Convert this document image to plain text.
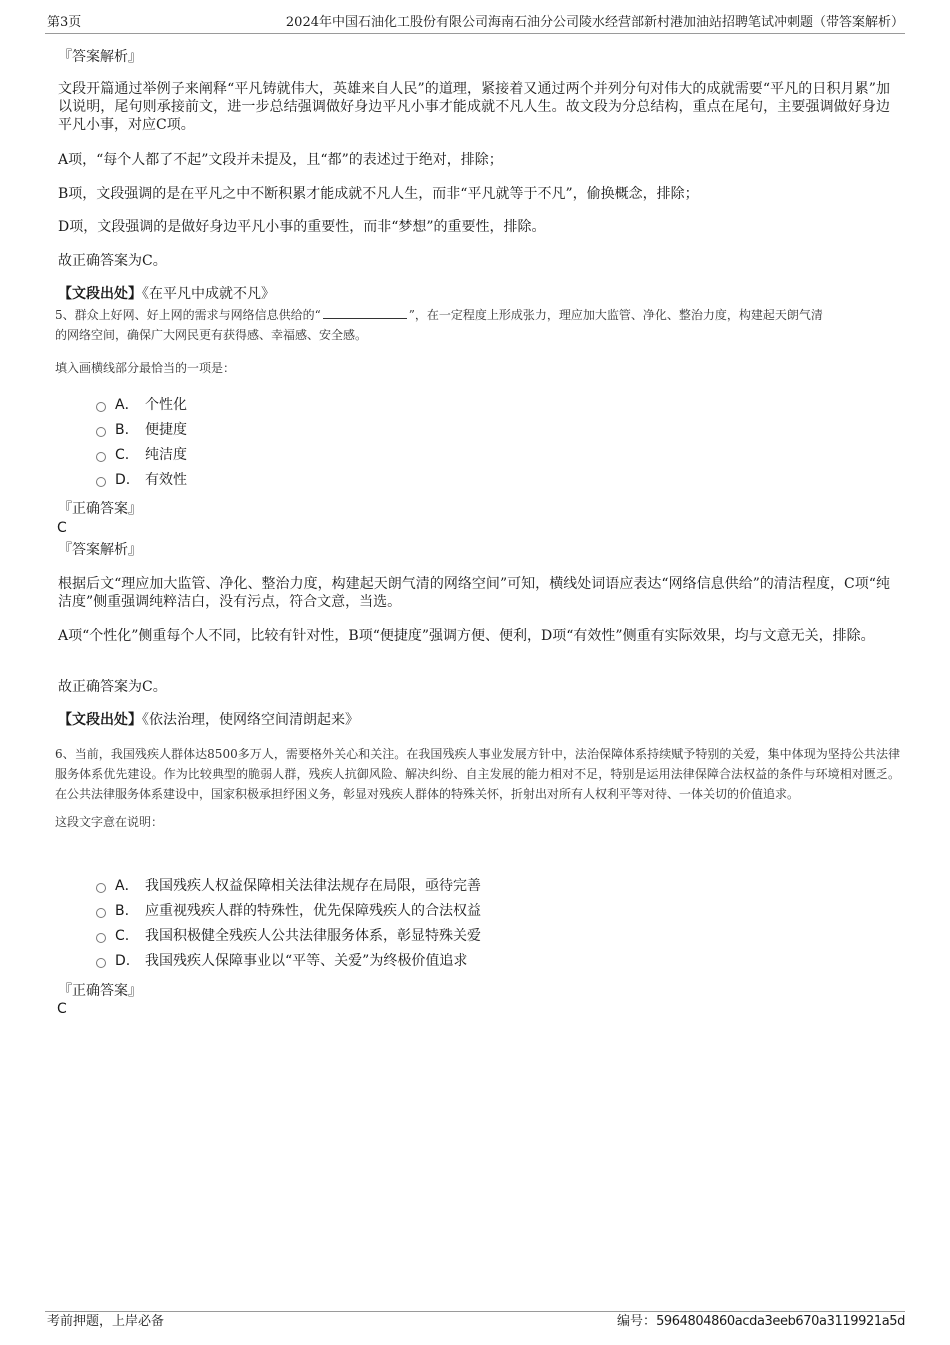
第3页	2024年中国石油化工股份有限公司海南石油分公司陵水经营部新村港加油站招聘笔试冲刺题（带答案解析）
『答案解析』

文段开篇通过举例子来阐释“平凡铸就伟大，英雄来自人民”的道理，紧接着又通过两个并列分句对伟大的成就需要“平凡的日积月累”加以说明，尾句则承接前文，进一步总结强调做好身边平凡小事才能成就不凡人生。故文段为分总结构，重点在尾句，主要强调做好身边平凡小事，对应C项。

A项，“每个人都了不起”文段并未提及，且“都”的表述过于绝对，排除；

B项，文段强调的是在平凡之中不断积累才能成就不凡人生，而非“平凡就等于不凡”，偷换概念，排除；

D项，文段强调的是做好身边平凡小事的重要性，而非“梦想”的重要性，排除。

故正确答案为C。

【文段出处】《在平凡中成就不凡》
5、群众上好网、好上网的需求与网络信息供给的“	”，在一定程度上形成张力，理应加大监管、净化、整治力度，构建起天朗气清
的网络空间，确保广大网民更有获得感、幸福感、安全感。
填入画横线部分最恰当的一项是：
A． 个性化
B. 便捷度
C. 纯洁度
D. 有效性
『正确答案』
C
『答案解析』

根据后文“理应加大监管、净化、整治力度，构建起天朗气清的网络空间”可知，横线处词语应表达“网络信息供给”的清洁程度，C项“纯洁度”侧重强调纯粹洁白，没有污点，符合文意，当选。

A项“个性化”侧重每个人不同，比较有针对性，B项“便捷度”强调方便、便利，D项“有效性”侧重有实际效果，均与文意无关，排除。

故正确答案为C。

【文段出处】《依法治理，使网络空间清朗起来》

6、当前，我国残疾人群体达8500多万人，需要格外关心和关注。在我国残疾人事业发展方针中，法治保障体系持续赋予特别的关爱，集中体现为坚持公共法律服务体系优先建设。作为比较典型的脆弱人群，残疾人抗御风险、解决纠纷、自主发展的能力相对不足，特别是运用法律保障合法权益的条件与环境相对匮乏。在公共法律服务体系建设中，国家积极承担纾困义务，彰显对残疾人群体的特殊关怀，折射出对所有人权利平等对待、一体关切的价值追求。

这段文字意在说明：
A． 我国残疾人权益保障相关法律法规存在局限，亟待完善
B. 应重视残疾人群的特殊性，优先保障残疾人的合法权益
C. 我国积极健全残疾人公共法律服务体系，彰显特殊关爱
D. 我国残疾人保障事业以“平等、关爱”为终极价值追求
『正确答案』
C
考前押题，上岸必备	编号：5964804860acda3eeb670a3119921a5d
